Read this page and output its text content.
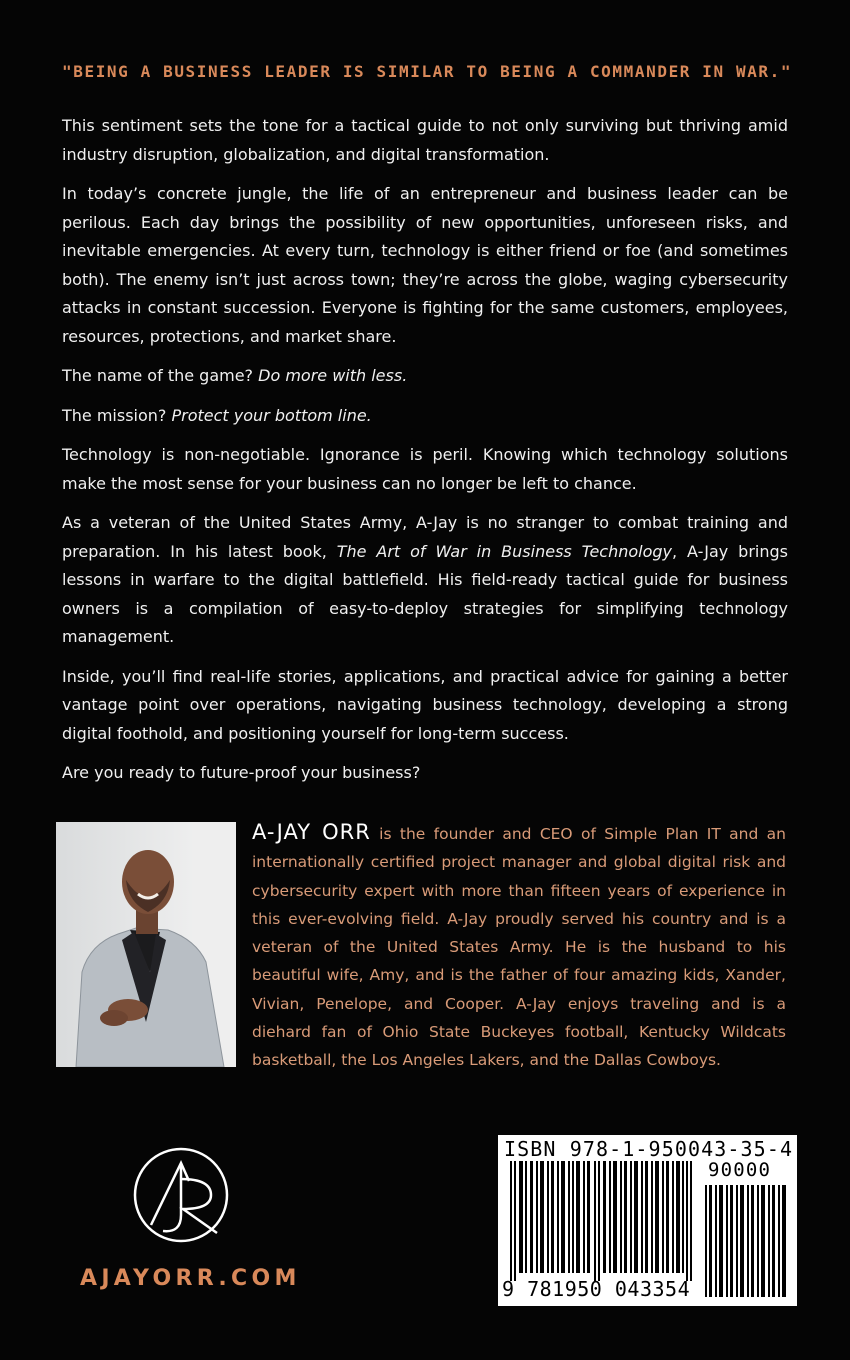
"BEING A BUSINESS LEADER IS SIMILAR TO BEING A COMMANDER IN WAR."

This sentiment sets the tone for a tactical guide to not only surviving but thriving amid industry disruption, globalization, and digital transformation.

In today’s concrete jungle, the life of an entrepreneur and business leader can be perilous. Each day brings the possibility of new opportunities, unforeseen risks, and inevitable emergencies. At every turn, technology is either friend or foe (and sometimes both). The enemy isn’t just across town; they’re across the globe, waging cybersecurity attacks in constant succession. Everyone is fighting for the same customers, employees, resources, protections, and market share.

The name of the game? Do more with less.

The mission? Protect your bottom line.

Technology is non-negotiable. Ignorance is peril. Knowing which technology solutions make the most sense for your business can no longer be left to chance.

As a veteran of the United States Army, A-Jay is no stranger to combat training and preparation. In his latest book, The Art of War in Business Technology, A-Jay brings lessons in warfare to the digital battlefield. His field-ready tactical guide for business owners is a compilation of easy-to-deploy strategies for simplifying technology management.

Inside, you’ll find real-life stories, applications, and practical advice for gaining a better vantage point over operations, navigating business technology, developing a strong digital foothold, and positioning yourself for long-term success.

Are you ready to future-proof your business?

A-JAY ORR is the founder and CEO of Simple Plan IT and an internationally certified project manager and global digital risk and cybersecurity expert with more than fifteen years of experience in this ever-evolving field. A-Jay proudly served his country and is a veteran of the United States Army. He is the husband to his beautiful wife, Amy, and is the father of four amazing kids, Xander, Vivian, Penelope, and Cooper. A-Jay enjoys traveling and is a diehard fan of Ohio State Buckeyes football, Kentucky Wildcats basketball, the Los Angeles Lakers, and the Dallas Cowboys.
AJAYORR.COM
ISBN 978-1-950043-35-4
90000
9 781950 043354
